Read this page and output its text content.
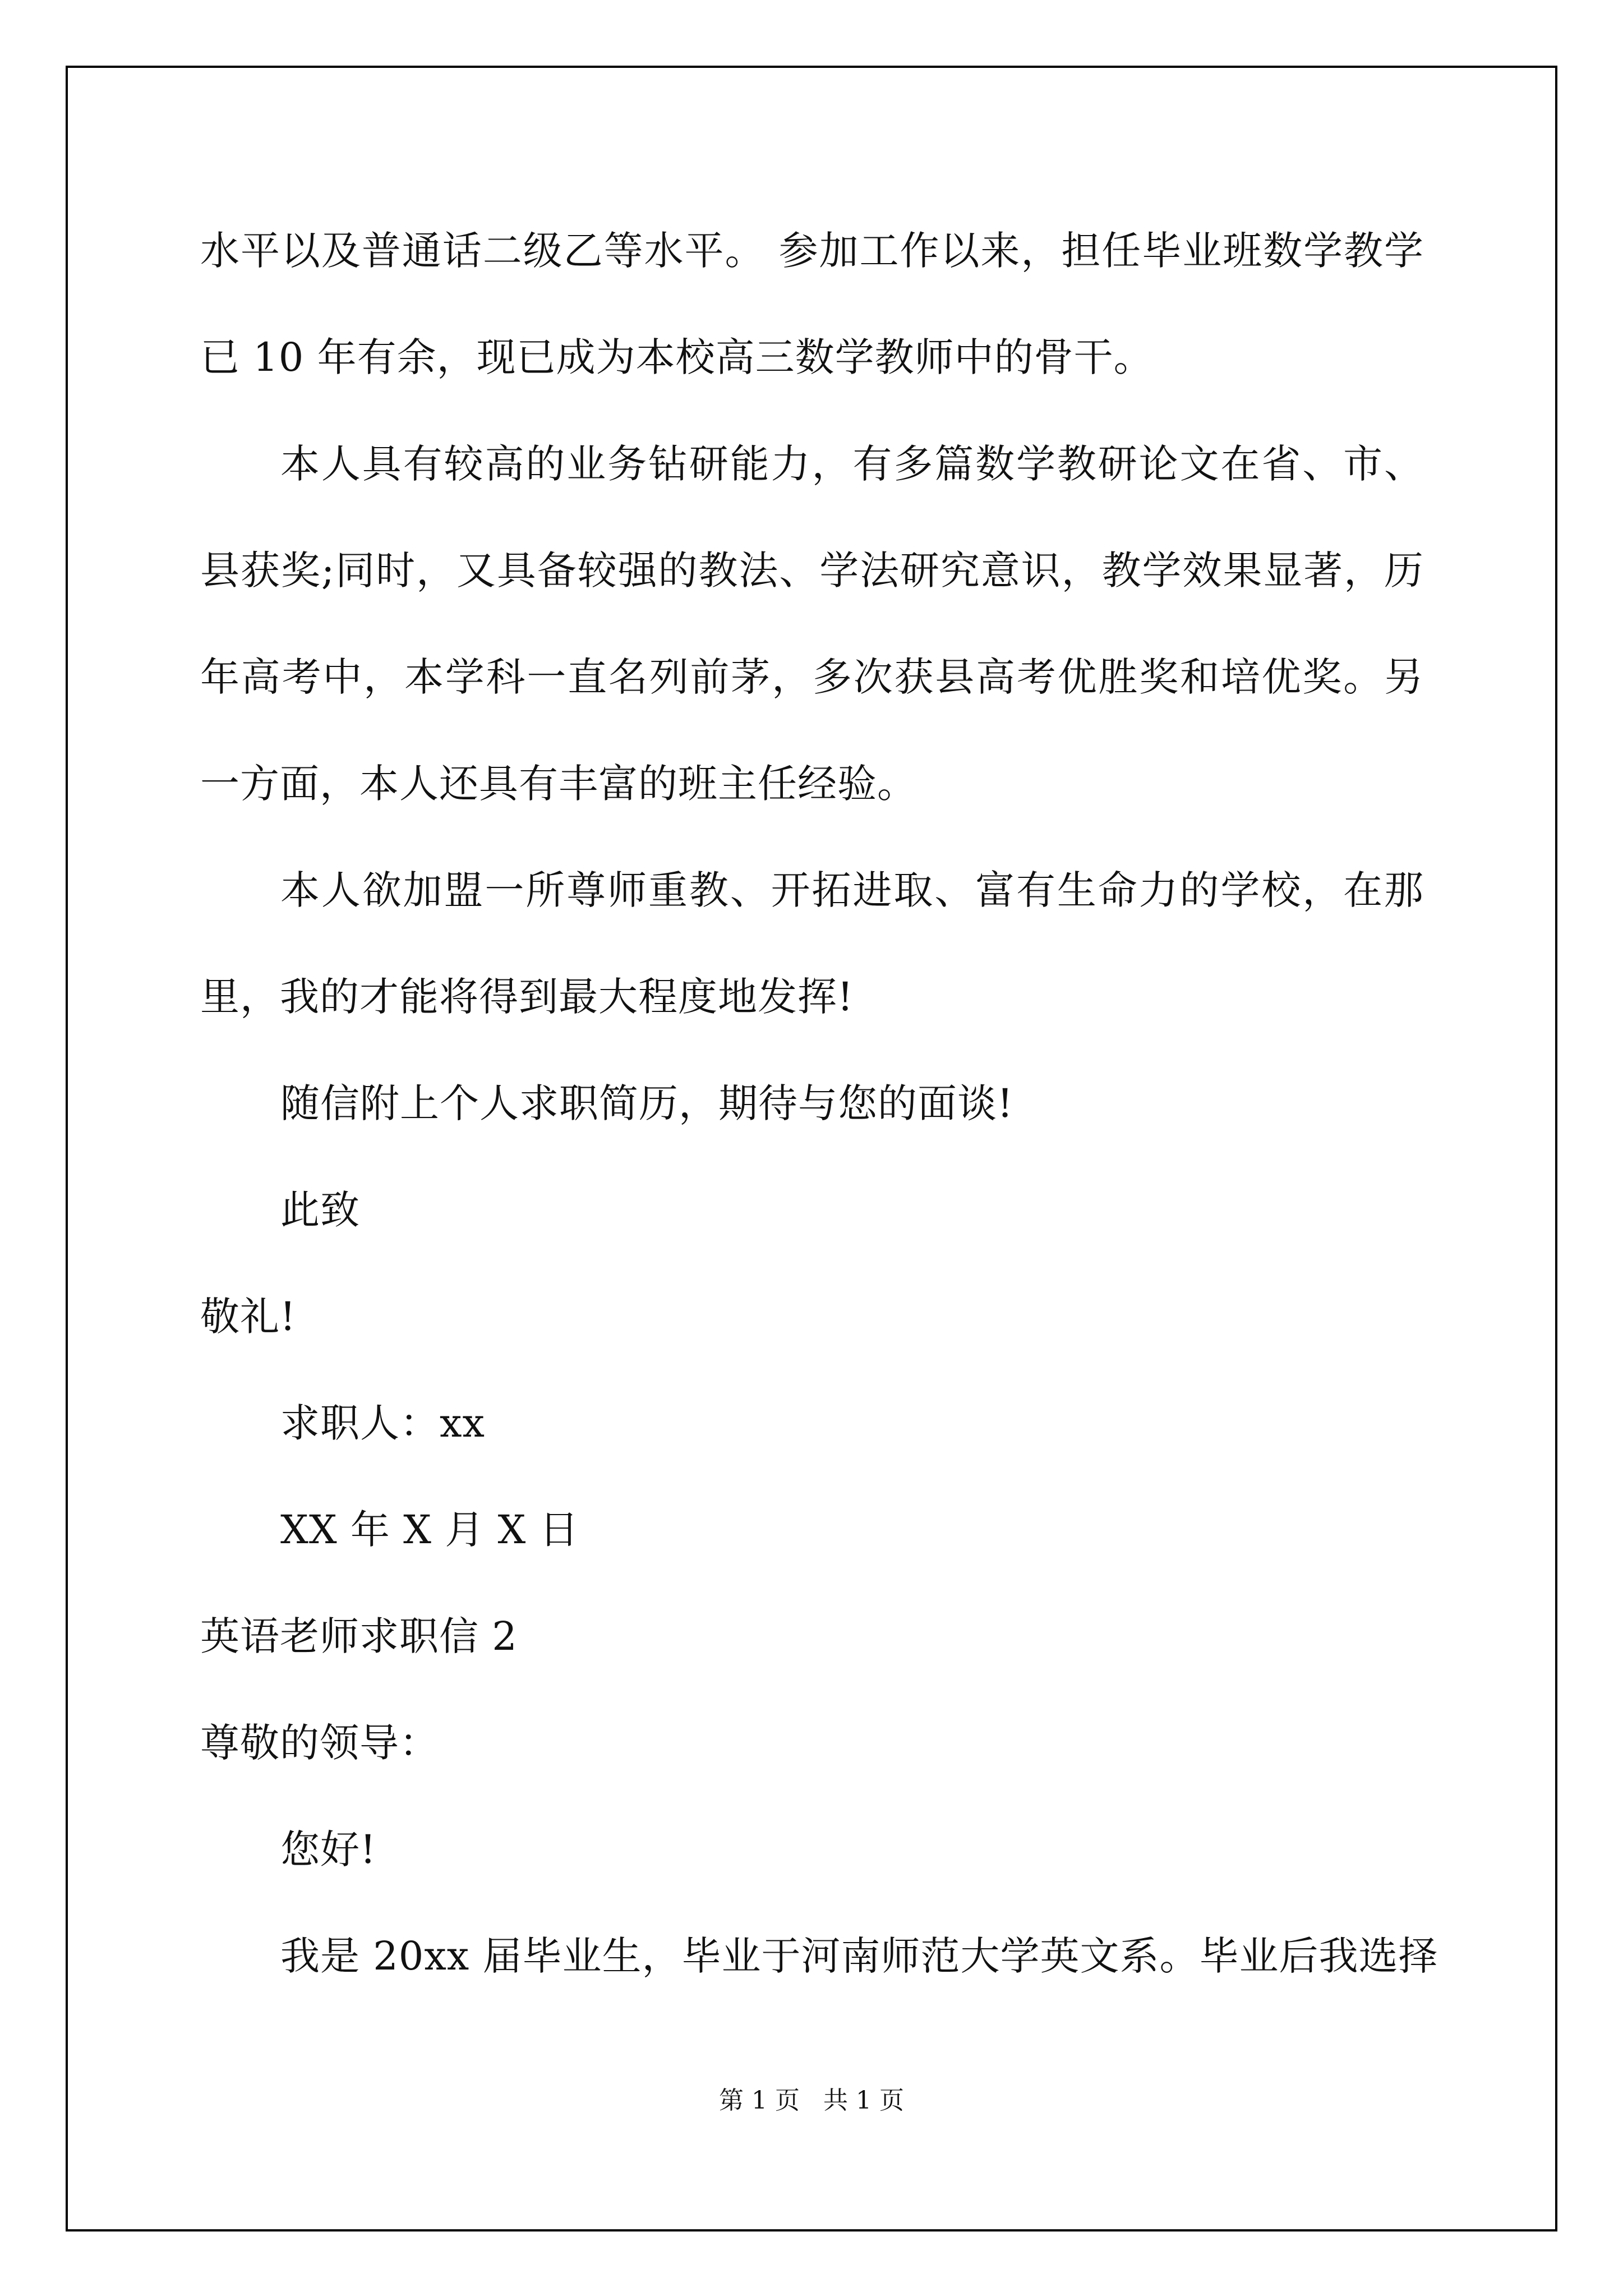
水平以及普通话二级乙等水平。 参加工作以来，担任毕业班数学教学
已 10 年有余，现已成为本校高三数学教师中的骨干。
本人具有较高的业务钻研能力，有多篇数学教研论文在省、市、
县获奖;同时，又具备较强的教法、学法研究意识，教学效果显著，历
年高考中，本学科一直名列前茅，多次获县高考优胜奖和培优奖。另
一方面，本人还具有丰富的班主任经验。
本人欲加盟一所尊师重教、开拓进取、富有生命力的学校，在那
里，我的才能将得到最大程度地发挥!
随信附上个人求职简历，期待与您的面谈!
此致
敬礼!
求职人：xx
XX 年 X 月 X 日
英语老师求职信 2
尊敬的领导：
您好!
我是 20xx 届毕业生，毕业于河南师范大学英文系。毕业后我选择
第 1 页   共 1 页
